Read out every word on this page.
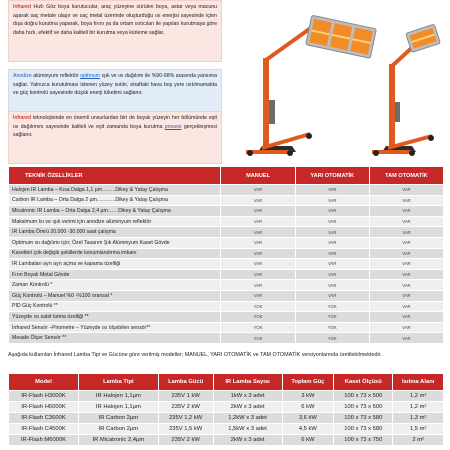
Infrared Hızlı Göz boya kurutucular, araç yüzeyine sürülen boya, astar veya macunu aşarak saç metale ulaşır ve saç metal üzerinde oluşturduğu ısı enerjisi sayesinde içten dışa doğru kurutma yaparak, boya fırını ya da ortam ısıtıcıları ile yapılan kurutmaya göre daha hızlı, efektif ve daha kaliteli bir kurutma veya kürleme sağlar.
Anodize alüminyum reflektör optimum ışık ve ısı dağılımı ile %90-98% arasında yansıma sağlar. Yalnızca kurutulması istenen yüzey ısıtılır, etraftaki hava boş yere ısıtılmamakta ve güç kontrolü sayesinde düşük enerji tüketimi sağlanır.
İnfrared teknolojisinde en önemli unsurlardan biri de boyalı yüzeyin her bölümünde eşit ısı dağılımını sayesinde kaliteli ve eşit zamanda boya kurutma prosesi gerçekleşmesi sağlanır.
TEKNİK ÖZELLİKLER	MANUEL	YARI OTOMATİK	TAM OTOMATİK
Halojen IR Lamba – Kısa Dalga 1,1 µm……..Dikey & Yatay Çalışma	VAR	VAR	VAR
Carbon IR Lamba – Orta Dalga 2 µm………..Dikey & Yatay Çalışma	VAR	VAR	VAR
Micatronic IR Lamba – Orta Dalga 2,4 µm……Dikey & Yatay Çalışma	VAR	VAR	VAR
Maksimum Isı ve ışık verimi için anodize alüminyum reflektör	VAR	VAR	VAR
IR Lamba Ömrü 20.000 -30.000 saat çalışma	VAR	VAR	VAR
Optimum ısı dağılımı için; Özel Tasarım Şık Alüminyum Kaset Gövde	VAR	VAR	VAR
Kasetleri çok değişik şekillerde konumlandırma imkanı	VAR	VAR	VAR
IR Lambaları ayrı ayrı açma ve kapama özelliği	VAR	VAR	VAR
Fırın Boyalı Metal Gövde	VAR	VAR	VAR
Zaman Kontrolü *	VAR	VAR	VAR
Güç Kontrolü – Manuel %0 -%100 oransal *	VAR	VAR	VAR
PID Güç Kontrolü **	YOK	YOK	VAR
Yüzeyde ısı sabit tutma özelliği **	YOK	YOK	VAR
İnfrared Sensör –Pirometre – Yüzeyde ısı ölçebilen sensör**	YOK	YOK	VAR
Mesafe Ölçer Sensör **	YOK	YOK	VAR
Aşağıda kullanılan İnfrared Lamba Tipi ve Gücüne göre verilmiş modeller; MANUEL, YARI OTOMATİK ve TAM OTOMATİK versiyonlarında üretilebilmektedir.
Model	Lamba Tipi	Lamba Gücü	IR Lamba Sayısı	Toplam Güç	Kaset Ölçüsü	Isıtma Alanı
IR-Flash H3000K	IR Halojen 1,1µm	235V 1 kW	1kW x 3 adet	3 kW	100 x 73 x 500	1,2 m²
IR-Flash H6000K	IR Halojen 1,1µm	235V 2 kW	2kW x 3 adet	6 kW	100 x 73 x 500	1,2 m²
IR-Flash C3600K	IR Carbon 2µm	235V 1,2 kW	1,2kW x 3 adet	3,6 kW	100 x 73 x 580	1,3 m²
IR-Flash C4500K	IR Carbon 2µm	235V 1,5 kW	1,5kW x 3 adet	4,5 kW	100 x 73 x 580	1,5 m²
IR-Flash M6000K	IR Micatronic 2,4µm	235V 2 kW	2kW x 3 adet	6 kW	100 x 73 x 750	2 m²
